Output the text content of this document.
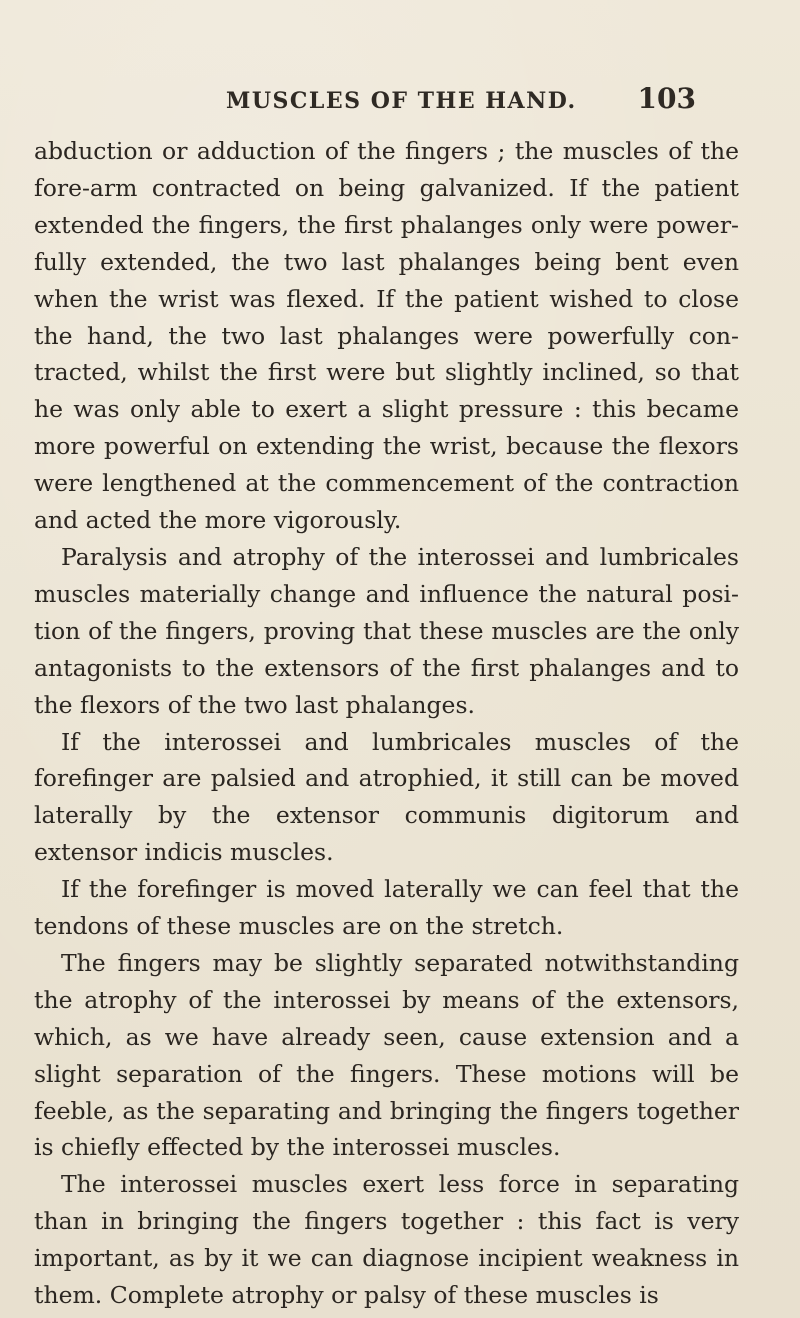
MUSCLES OF THE HAND. 103

abduction or adduction of the fingers ; the muscles of the fore-arm contracted on being galvanized. If the patient extended the fingers, the first phalanges only were power-fully extended, the two last phalanges being bent even when the wrist was flexed. If the patient wished to close the hand, the two last phalanges were powerfully con-tracted, whilst the first were but slightly inclined, so that he was only able to exert a slight pressure : this became more powerful on extending the wrist, because the flexors were lengthened at the commencement of the contraction and acted the more vigorously.

Paralysis and atrophy of the interossei and lumbricales muscles materially change and influence the natural posi-tion of the fingers, proving that these muscles are the only antagonists to the extensors of the first phalanges and to the flexors of the two last phalanges.

If the interossei and lumbricales muscles of the forefinger are palsied and atrophied, it still can be moved laterally by the extensor communis digitorum and extensor indicis muscles.

If the forefinger is moved laterally we can feel that the tendons of these muscles are on the stretch.

The fingers may be slightly separated notwithstanding the atrophy of the interossei by means of the extensors, which, as we have already seen, cause extension and a slight separation of the fingers. These motions will be feeble, as the separating and bringing the fingers together is chiefly effected by the interossei muscles.

The interossei muscles exert less force in separating than in bringing the fingers together : this fact is very important, as by it we can diagnose incipient weakness in them. Complete atrophy or palsy of these muscles is
